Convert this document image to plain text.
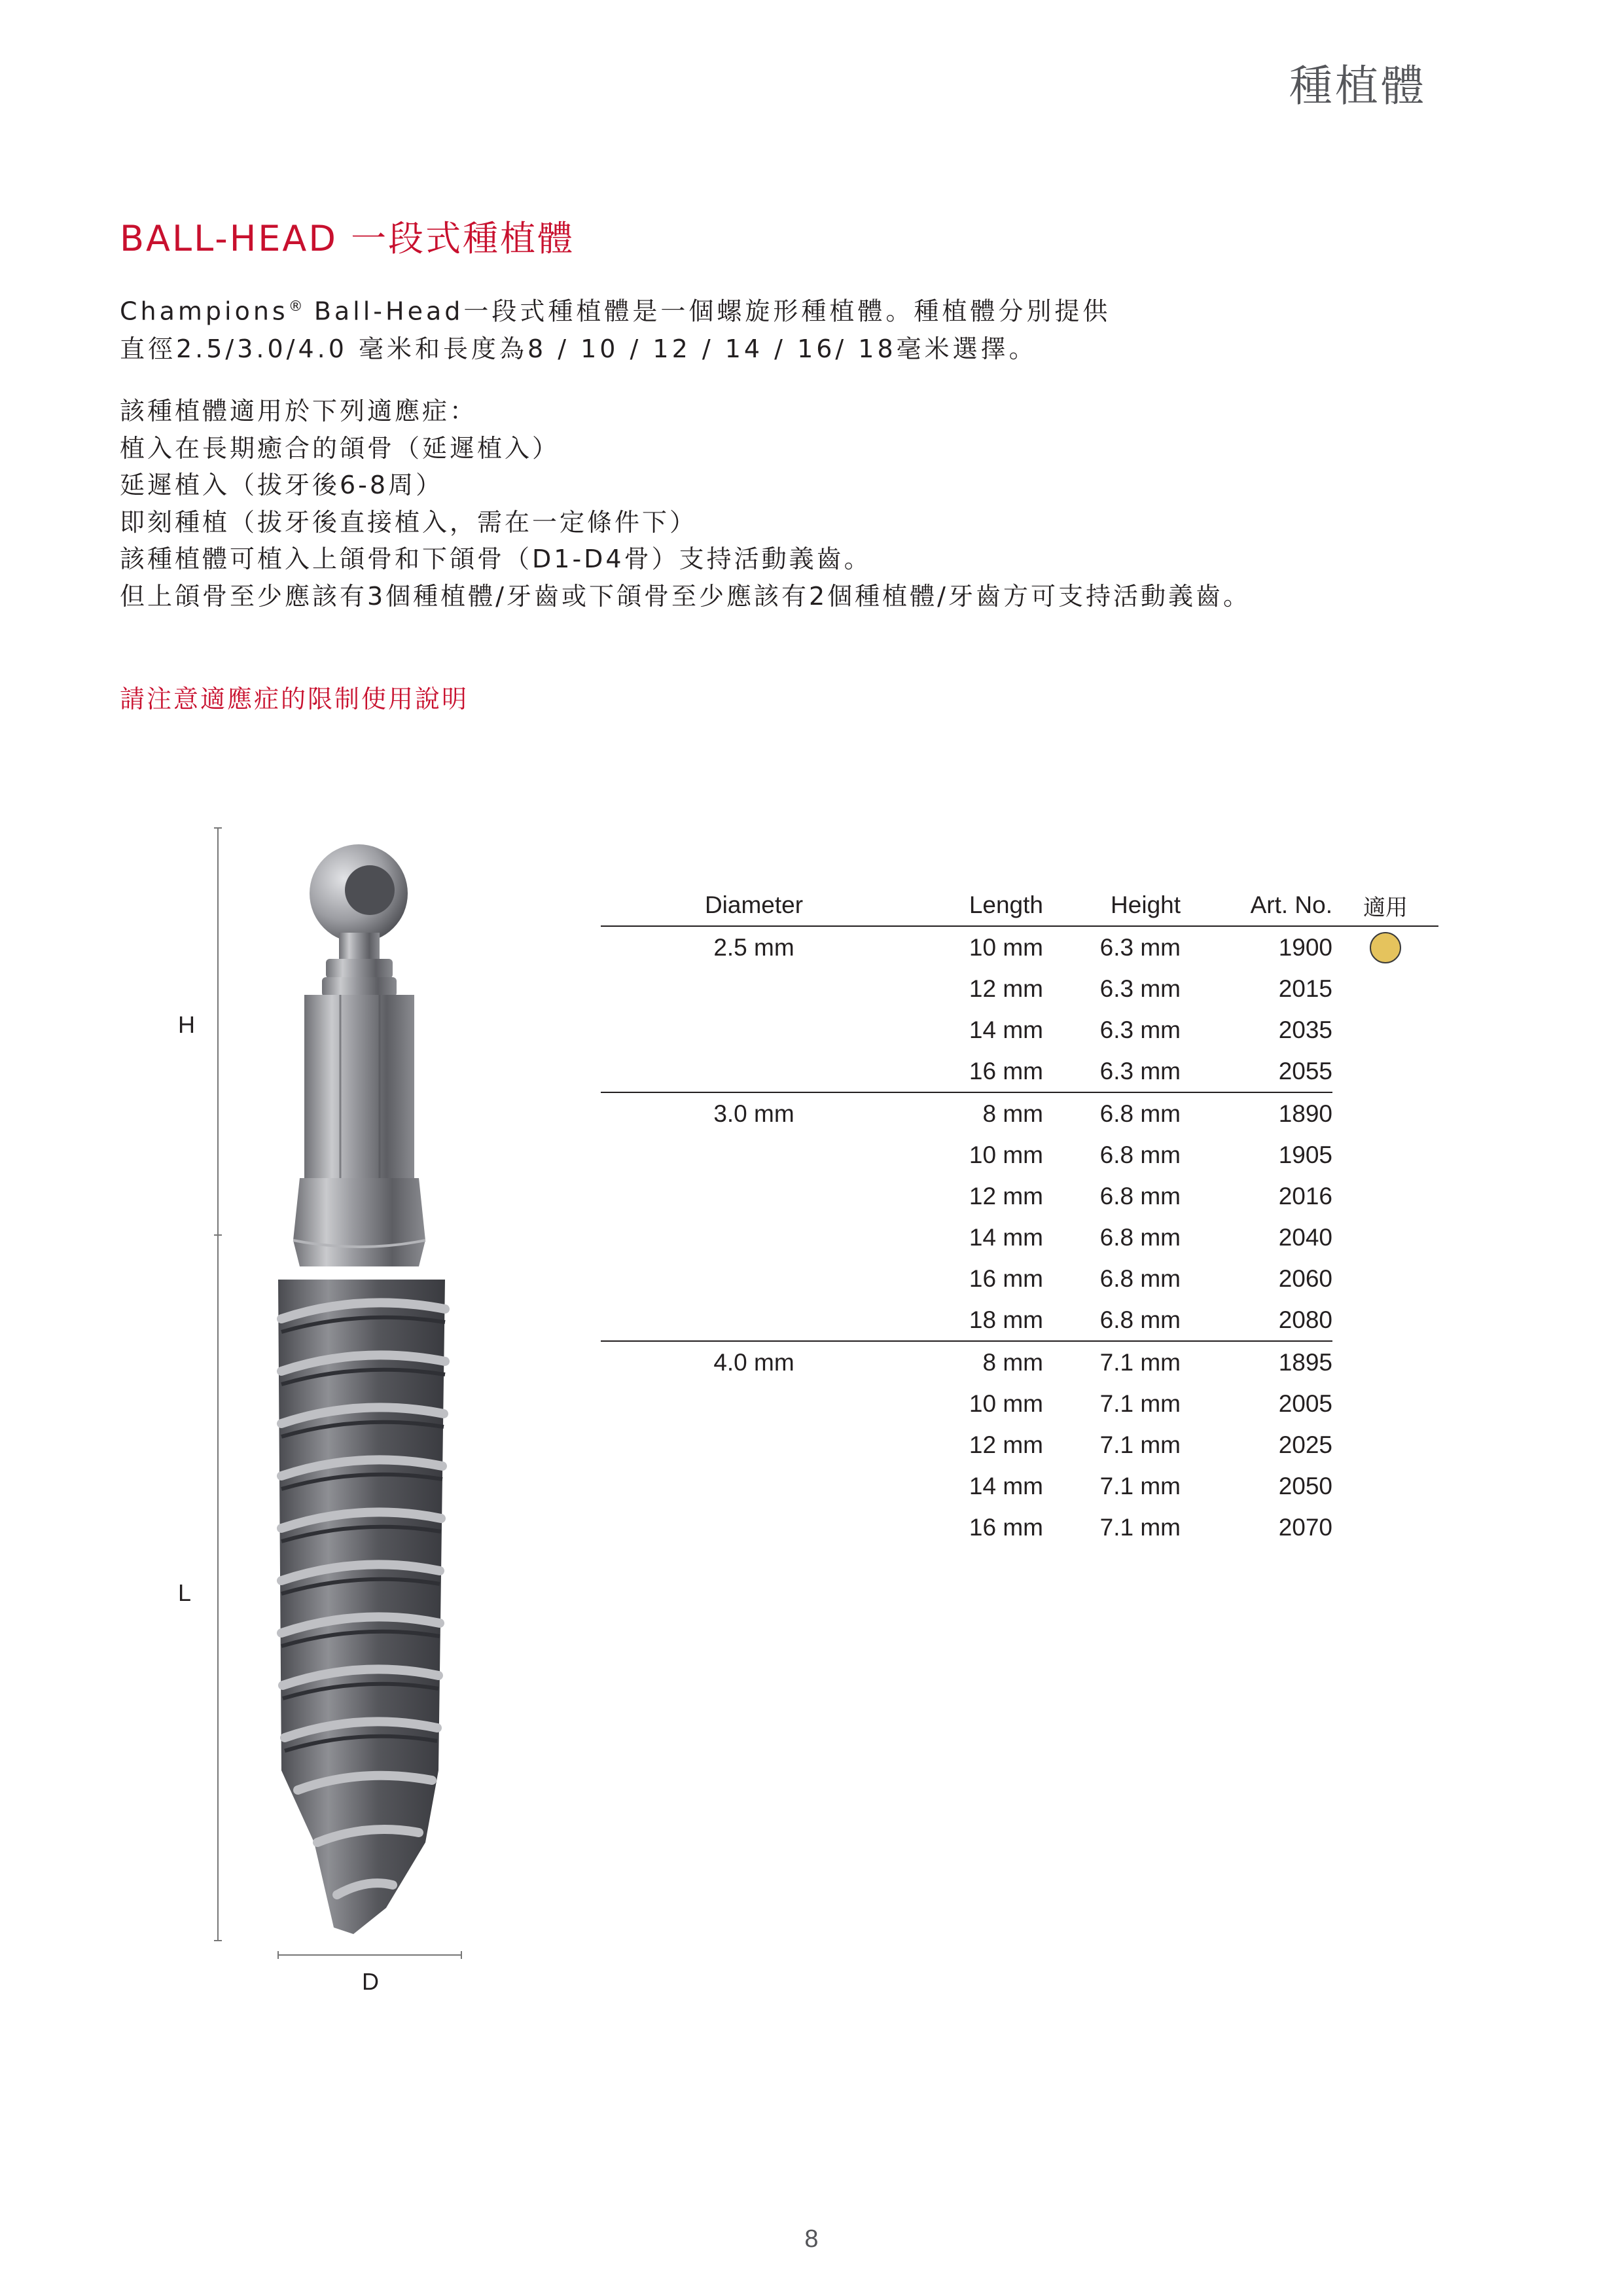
種植體
BALL-HEAD 一段式種植體

Champions® Ball-Head一段式種植體是一個螺旋形種植體。種植體分別提供

直徑2.5/3.0/4.0 毫米和長度為8 / 10 / 12 / 14 / 16/ 18毫米選擇。

該種植體適用於下列適應症：

植入在長期癒合的頜骨（延遲植入）

延遲植入（拔牙後6-8周）

即刻種植（拔牙後直接植入，需在一定條件下）

該種植體可植入上頜骨和下頜骨（D1-D4骨）支持活動義齒。

但上頜骨至少應該有3個種植體/牙齒或下頜骨至少應該有2個種植體/牙齒方可支持活動義齒。

請注意適應症的限制使用說明
H
L
D
Diameter	Length	Height	Art. No.	適用
2.5 mm	10 mm	6.3 mm	1900	
	12 mm	6.3 mm	2015	
	14 mm	6.3 mm	2035	
	16 mm	6.3 mm	2055	
3.0 mm	8 mm	6.8 mm	1890	
	10 mm	6.8 mm	1905	
	12 mm	6.8 mm	2016	
	14 mm	6.8 mm	2040	
	16 mm	6.8 mm	2060	
	18 mm	6.8 mm	2080	
4.0 mm	8 mm	7.1 mm	1895	
	10 mm	7.1 mm	2005	
	12 mm	7.1 mm	2025	
	14 mm	7.1 mm	2050	
	16 mm	7.1 mm	2070	
8
